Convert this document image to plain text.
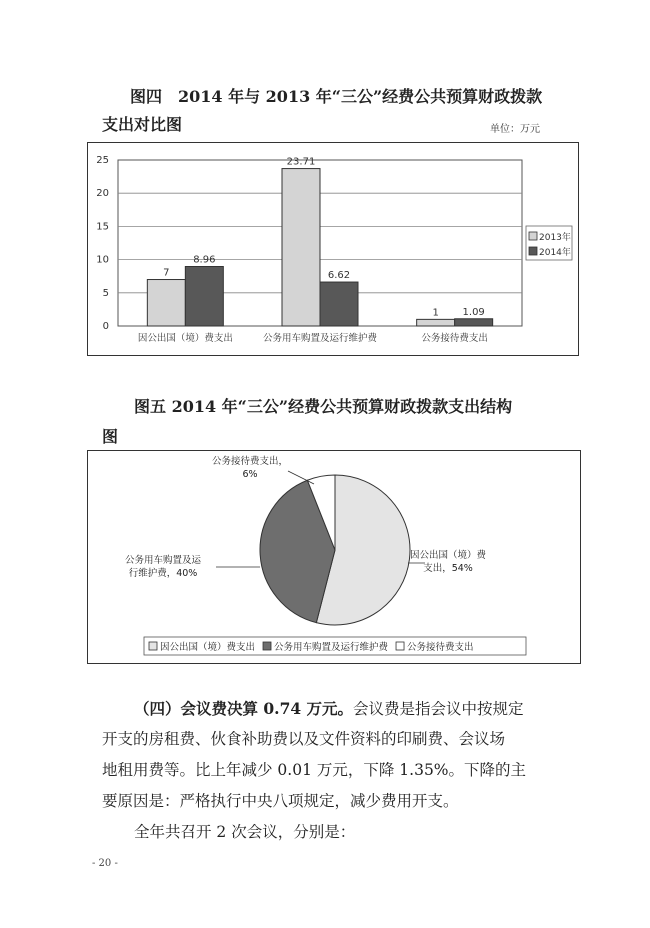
图四　2014 年与 2013 年“三公”经费公共预算财政拨款
支出对比图	单位：万元
0
5
10
15
20
25
因公出国（境）费支出
7
8.96
公务用车购置及运行维护费
23.71
6.62
公务接待费支出
1 1.09
2013年
2014年
图五 2014 年“三公”经费公共预算财政拨款支出结构
图
因公出国（境）费
支出，54%
公务用车购置及运
行维护费，40%
公务接待费支出，
6%
因公出国（境）费支出 公务用车购置及运行维护费 公务接待费支出
（四）会议费决算 0.74 万元。会议费是指会议中按规定
开支的房租费、伙食补助费以及文件资料的印刷费、会议场
地租用费等。比上年减少 0.01 万元，下降 1.35%。下降的主
要原因是：严格执行中央八项规定，减少费用开支。
全年共召开 2 次会议，分别是：
- 20 -
